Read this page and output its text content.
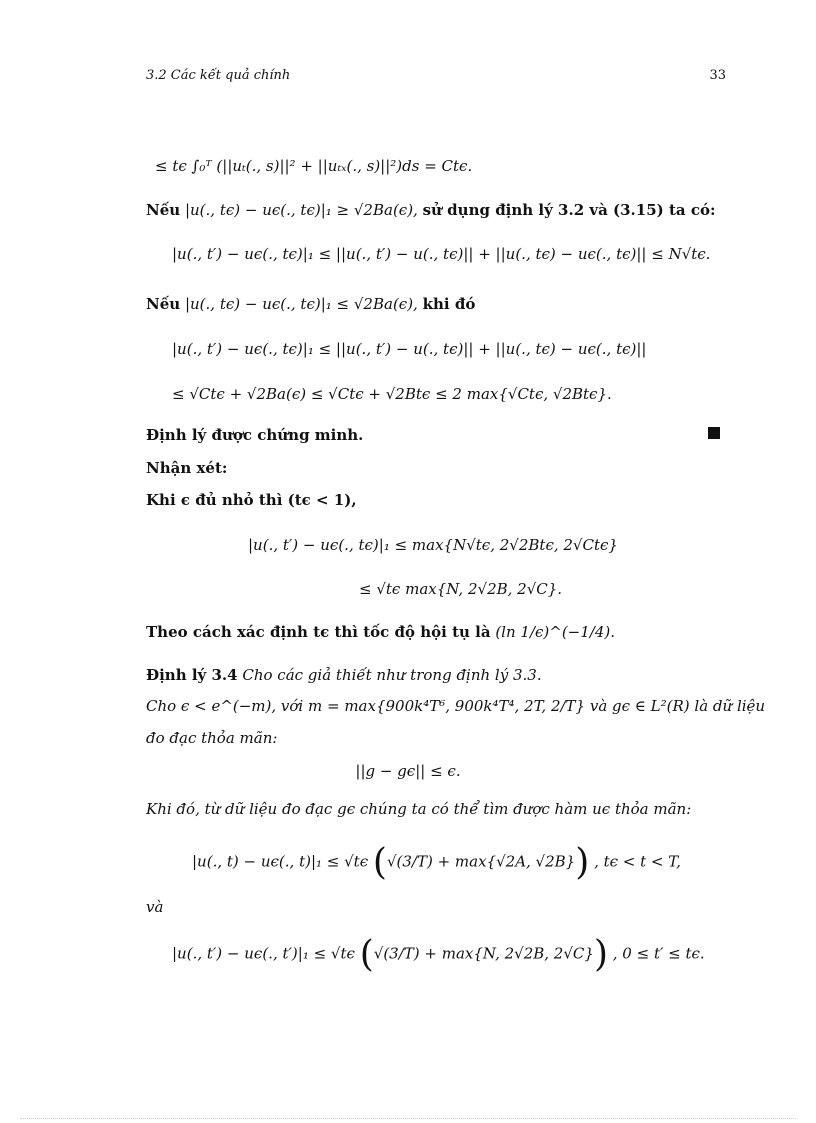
3.2 Các kết quả chính	33
≤ tϵ ∫₀ᵀ (||uₜ(., s)||² + ||uₜₓ(., s)||²)ds = Ctϵ.
Nếu |u(., tϵ) − uϵ(., tϵ)|₁ ≥ √2Ba(ϵ), sử dụng định lý 3.2 và (3.15) ta có:
|u(., t′) − uϵ(., tϵ)|₁ ≤ ||u(., t′) − u(., tϵ)|| + ||u(., tϵ) − uϵ(., tϵ)|| ≤ N√tϵ.
Nếu |u(., tϵ) − uϵ(., tϵ)|₁ ≤ √2Ba(ϵ), khi đó
|u(., t′) − uϵ(., tϵ)|₁ ≤ ||u(., t′) − u(., tϵ)|| + ||u(., tϵ) − uϵ(., tϵ)||
≤ √Ctϵ + √2Ba(ϵ) ≤ √Ctϵ + √2Btϵ ≤ 2 max{√Ctϵ, √2Btϵ}.
Định lý được chứng minh.
Nhận xét:
Khi ϵ đủ nhỏ thì (tϵ < 1),
|u(., t′) − uϵ(., tϵ)|₁ ≤ max{N√tϵ, 2√2Btϵ, 2√Ctϵ}
≤ √tϵ max{N, 2√2B, 2√C}.
Theo cách xác định tϵ thì tốc độ hội tụ là (ln 1/ϵ)^(−1/4).
Định lý 3.4 Cho các giả thiết như trong định lý 3.3.
Cho ϵ < e^(−m), với m = max{900k⁴T⁶, 900k⁴T⁴, 2T, 2/T} và gϵ ∈ L²(R) là dữ liệu
đo đạc thỏa mãn:
||g − gϵ|| ≤ ϵ.
Khi đó, từ dữ liệu đo đạc gϵ chúng ta có thể tìm được hàm uϵ thỏa mãn:
|u(., t) − uϵ(., t)|₁ ≤ √tϵ (√(3/T) + max{√2A, √2B}) , tϵ < t < T,
và
|u(., t′) − uϵ(., t′)|₁ ≤ √tϵ (√(3/T) + max{N, 2√2B, 2√C}) , 0 ≤ t′ ≤ tϵ.
